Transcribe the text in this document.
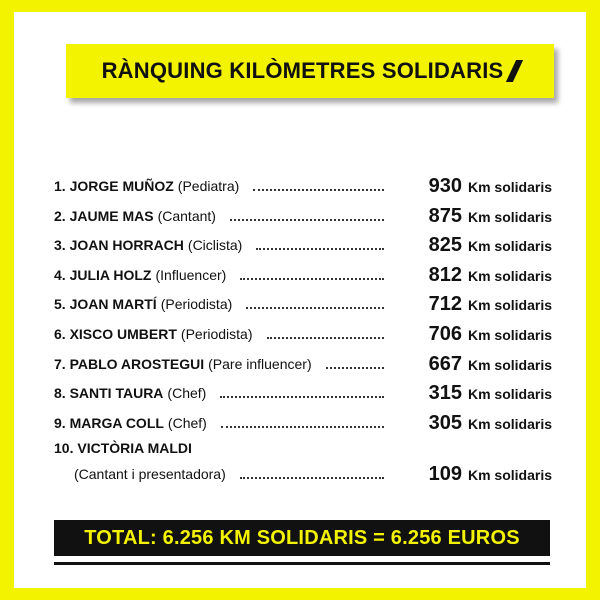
RÀNQUING KILÒMETRES SOLIDARIS
1. JORGE MUÑOZ (Pediatra)	930 Km solidaris
2. JAUME MAS (Cantant)	875 Km solidaris
3. JOAN HORRACH (Ciclista)	825 Km solidaris
4. JULIA HOLZ (Influencer)	812 Km solidaris
5. JOAN MARTÍ (Periodista)	712 Km solidaris
6. XISCO UMBERT (Periodista)	706 Km solidaris
7. PABLO AROSTEGUI (Pare influencer)	667 Km solidaris
8. SANTI TAURA (Chef)	315 Km solidaris
9. MARGA COLL (Chef)	305 Km solidaris
10. VICTÒRIA MALDI
(Cantant i presentadora)	109 Km solidaris
TOTAL: 6.256 KM SOLIDARIS = 6.256 EUROS
